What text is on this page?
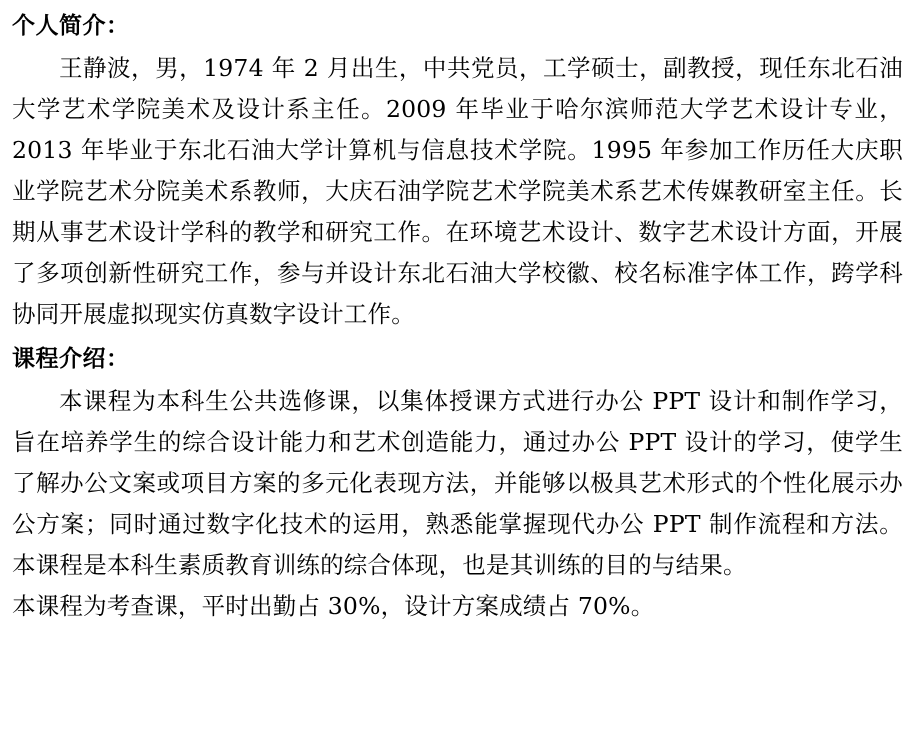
个人简介：

王静波，男，1974 年 2 月出生，中共党员，工学硕士，副教授，现任东北石油大学艺术学院美术及设计系主任。2009 年毕业于哈尔滨师范大学艺术设计专业，2013 年毕业于东北石油大学计算机与信息技术学院。1995 年参加工作历任大庆职业学院艺术分院美术系教师，大庆石油学院艺术学院美术系艺术传媒教研室主任。长期从事艺术设计学科的教学和研究工作。在环境艺术设计、数字艺术设计方面，开展了多项创新性研究工作，参与并设计东北石油大学校徽、校名标准字体工作，跨学科协同开展虚拟现实仿真数字设计工作。

课程介绍：

本课程为本科生公共选修课，以集体授课方式进行办公 PPT 设计和制作学习，旨在培养学生的综合设计能力和艺术创造能力，通过办公 PPT 设计的学习，使学生了解办公文案或项目方案的多元化表现方法，并能够以极具艺术形式的个性化展示办公方案；同时通过数字化技术的运用，熟悉能掌握现代办公 PPT 制作流程和方法。本课程是本科生素质教育训练的综合体现，也是其训练的目的与结果。

本课程为考查课，平时出勤占 30%，设计方案成绩占 70%。
